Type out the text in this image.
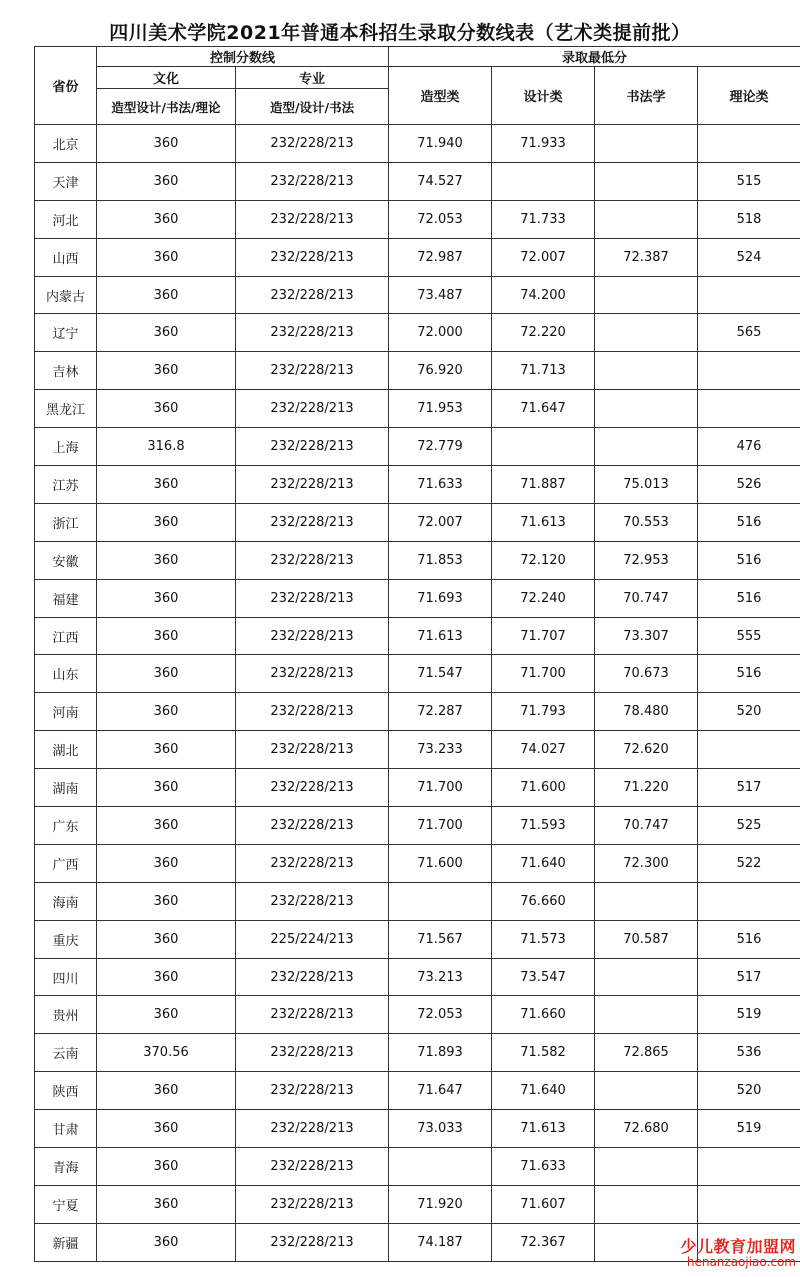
四川美术学院2021年普通本科招生录取分数线表（艺术类提前批）
省份	控制分数线		录取最低分			
	文化	专业	造型类	设计类	书法学	理论类
	造型设计/书法/理论	造型/设计/书法				
北京	360	232/228/213	71.940	71.933		
天津	360	232/228/213	74.527			515
河北	360	232/228/213	72.053	71.733		518
山西	360	232/228/213	72.987	72.007	72.387	524
内蒙古	360	232/228/213	73.487	74.200		
辽宁	360	232/228/213	72.000	72.220		565
吉林	360	232/228/213	76.920	71.713		
黑龙江	360	232/228/213	71.953	71.647		
上海	316.8	232/228/213	72.779			476
江苏	360	232/228/213	71.633	71.887	75.013	526
浙江	360	232/228/213	72.007	71.613	70.553	516
安徽	360	232/228/213	71.853	72.120	72.953	516
福建	360	232/228/213	71.693	72.240	70.747	516
江西	360	232/228/213	71.613	71.707	73.307	555
山东	360	232/228/213	71.547	71.700	70.673	516
河南	360	232/228/213	72.287	71.793	78.480	520
湖北	360	232/228/213	73.233	74.027	72.620	
湖南	360	232/228/213	71.700	71.600	71.220	517
广东	360	232/228/213	71.700	71.593	70.747	525
广西	360	232/228/213	71.600	71.640	72.300	522
海南	360	232/228/213		76.660		
重庆	360	225/224/213	71.567	71.573	70.587	516
四川	360	232/228/213	73.213	73.547		517
贵州	360	232/228/213	72.053	71.660		519
云南	370.56	232/228/213	71.893	71.582	72.865	536
陕西	360	232/228/213	71.647	71.640		520
甘肃	360	232/228/213	73.033	71.613	72.680	519
青海	360	232/228/213		71.633		
宁夏	360	232/228/213	71.920	71.607		
新疆	360	232/228/213	74.187	72.367			少儿教育加盟网
henanzaojiao.com
